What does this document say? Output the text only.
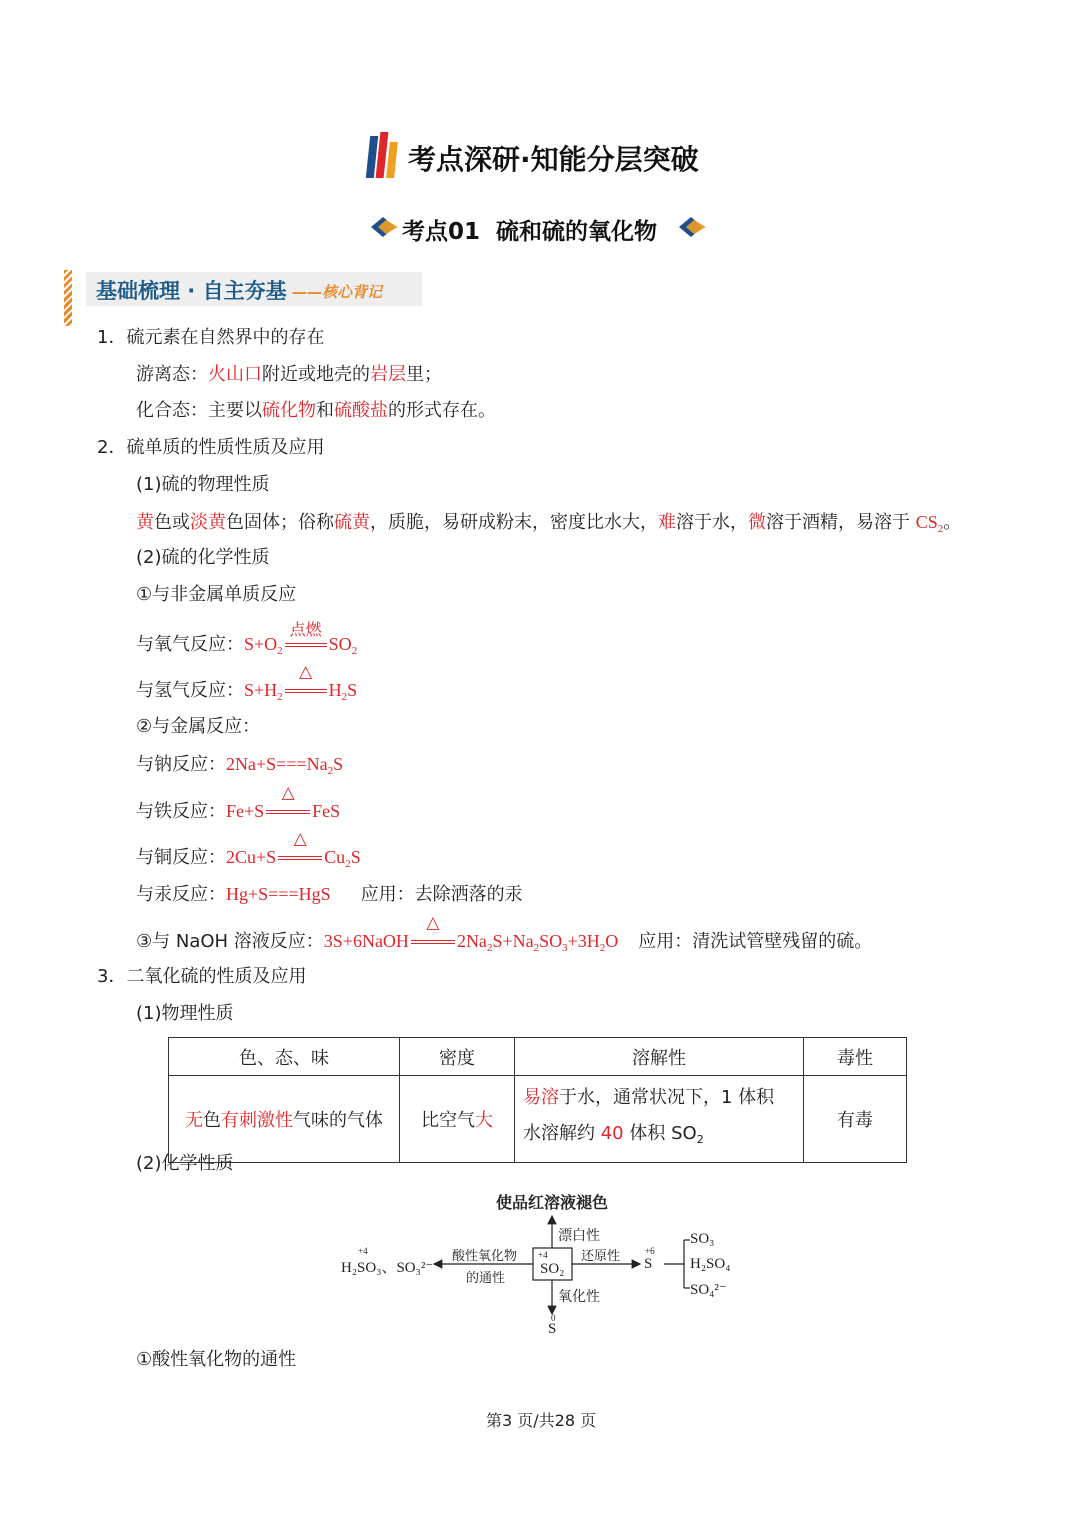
考点深研·知能分层突破
考点01  硫和硫的氧化物
基础梳理 · 自主夯基 ——核心背记
1．硫元素在自然界中的存在
游离态：火山口附近或地壳的岩层里；
化合态：主要以硫化物和硫酸盐的形式存在。
2．硫单质的性质性质及应用
(1)硫的物理性质
黄色或淡黄色固体；俗称硫黄，质脆，易研成粉末，密度比水大，难溶于水，微溶于酒精，易溶于 $CS_2$。
(2)硫的化学性质
①与非金属单质反应
与氧气反应：$S+O_2$
点燃
$SO_2$
与氢气反应：$S+H_2$
△
$H_2S$
②与金属反应：
与钠反应：$2Na+S===Na_2S$
与铁反应：Fe+S
△
FeS
与铜反应：2Cu+S
△
$Cu_2S$
与汞反应：Hg+S===HgS 应用：去除洒落的汞
③与 NaOH 溶液反应：3S+6NaOH
△
$2Na_2S+Na_2SO_3+3H_2O$ 应用：清洗试管壁残留的硫。
3．二氧化硫的性质及应用
(1)物理性质
色、态、味	密度	溶解性	毒性
无色有刺激性气味的气体	比空气大	易溶于水，通常状况下，1 体积
水溶解约 40 体积 $SO_2$	有毒
(2)化学性质
使品红溶液褪色
漂白性
+4
H₂SO₃、SO₃²⁻
酸性氧化物
的通性
+4
SO₂
还原性	+6
S
SO₃
H₂SO₄
SO₄²⁻
氧化性
0
S
①酸性氧化物的通性
第3 页/共28 页
